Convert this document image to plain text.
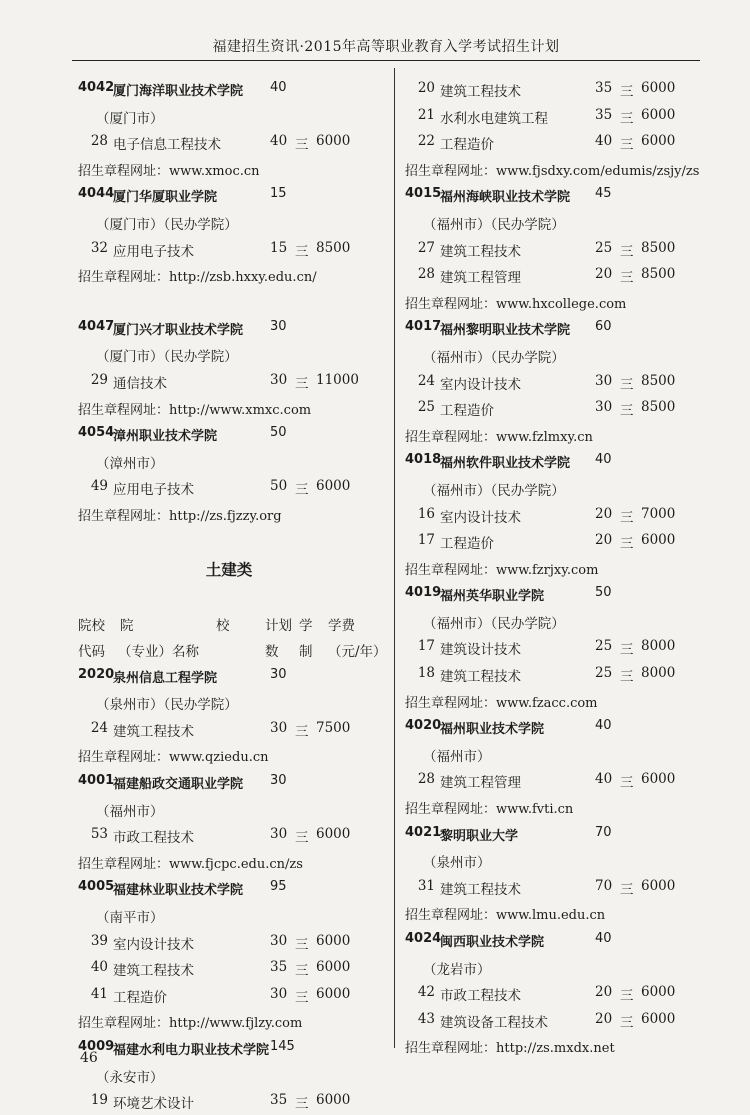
福建招生资讯·2015年高等职业教育入学考试招生计划
4042
厦门海洋职业技术学院 40
（厦门市）
28 电子信息工程技术	40 三 6000
招生章程网址：www.xmoc.cn
4044
厦门华厦职业学院	15
（厦门市）（民办学院）
32 应用电子技术	15 三 8500
招生章程网址：http://zsb.hxxy.edu.cn/
4047
厦门兴才职业技术学院 30
（厦门市）（民办学院）
29 通信技术	30 三 11000
招生章程网址：http://www.xmxc.com
4054
漳州职业技术学院	50
（漳州市）
49 应用电子技术	50 三 6000
招生章程网址：http://zs.fjzzy.org
土建类
院校 院	校	计划 学 学费
代码 （专业）名称	数 制 （元/年）
2020
泉州信息工程学院	30
（泉州市）（民办学院）
24 建筑工程技术	30 三 7500
招生章程网址：www.qziedu.cn
4001
福建船政交通职业学院 30
（福州市）
53 市政工程技术	30 三 6000
招生章程网址：www.fjcpc.edu.cn/zs
4005
福建林业职业技术学院 95
（南平市）
39 室内设计技术	30 三 6000
40 建筑工程技术	35 三 6000
41 工程造价	30 三 6000
招生章程网址：http://www.fjlzy.com
4009
福建水利电力职业技术学院 145
（永安市）
19 环境艺术设计	35 三 6000
20 建筑工程技术	35 三 6000
21 水利水电建筑工程	35 三 6000
22 工程造价	40 三 6000
招生章程网址：www.fjsdxy.com/edumis/zsjy/zs
4015
福州海峡职业技术学院 45
（福州市）（民办学院）
27 建筑工程技术	25 三 8500
28 建筑工程管理	20 三 8500
招生章程网址：www.hxcollege.com
4017
福州黎明职业技术学院 60
（福州市）（民办学院）
24 室内设计技术	30 三 8500
25 工程造价	30 三 8500
招生章程网址：www.fzlmxy.cn
4018
福州软件职业技术学院 40
（福州市）（民办学院）
16 室内设计技术	20 三 7000
17 工程造价	20 三 6000
招生章程网址：www.fzrjxy.com
4019
福州英华职业学院	50
（福州市）（民办学院）
17 建筑设计技术	25 三 8000
18 建筑工程技术	25 三 8000
招生章程网址：www.fzacc.com
4020
福州职业技术学院	40
（福州市）
28 建筑工程管理	40 三 6000
招生章程网址：www.fvti.cn
4021
黎明职业大学	70
（泉州市）
31 建筑工程技术	70 三 6000
招生章程网址：www.lmu.edu.cn
4024
闽西职业技术学院	40
（龙岩市）
42 市政工程技术	20 三 6000
43 建筑设备工程技术	20 三 6000
招生章程网址：http://zs.mxdx.net
46
